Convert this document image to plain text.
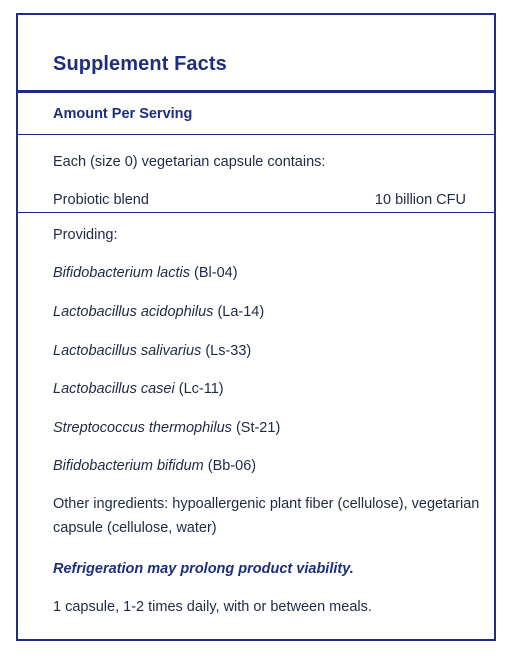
Supplement Facts
Amount Per Serving
Each (size 0) vegetarian capsule contains:
Probiotic blend	10 billion CFU
Providing:
Bifidobacterium lactis (Bl-04)
Lactobacillus acidophilus (La-14)
Lactobacillus salivarius (Ls-33)
Lactobacillus casei (Lc-11)
Streptococcus thermophilus (St-21)
Bifidobacterium bifidum (Bb-06)
Other ingredients: hypoallergenic plant fiber (cellulose), vegetarian capsule (cellulose, water)
Refrigeration may prolong product viability.
1 capsule, 1-2 times daily, with or between meals.
